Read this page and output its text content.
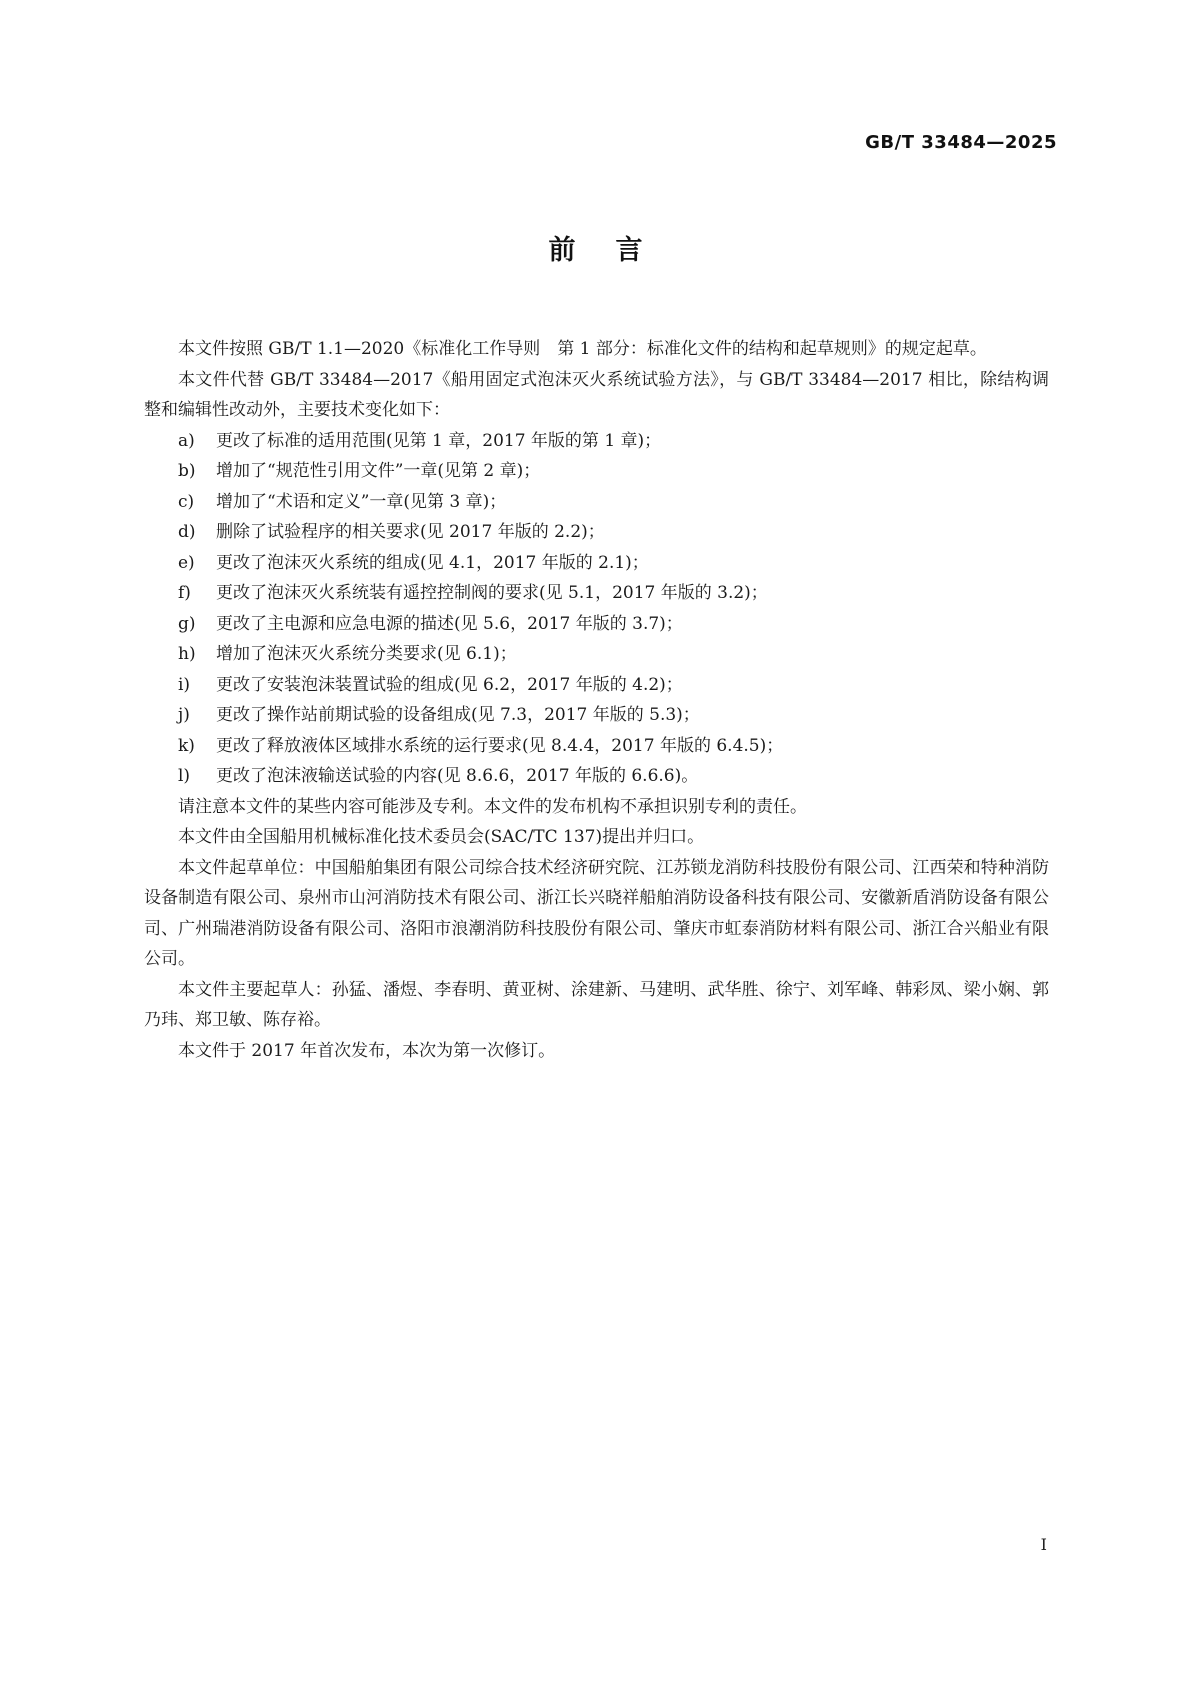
GB/T 33484—2025
前言

本文件按照 GB/T 1.1—2020《标准化工作导则　第 1 部分：标准化文件的结构和起草规则》的规定起草。

本文件代替 GB/T 33484—2017《船用固定式泡沫灭火系统试验方法》，与 GB/T 33484—2017 相比，除结构调整和编辑性改动外，主要技术变化如下：

a)	更改了标准的适用范围(见第 1 章，2017 年版的第 1 章)；
b)	增加了“规范性引用文件”一章(见第 2 章)；
c)	增加了“术语和定义”一章(见第 3 章)；
d)	删除了试验程序的相关要求(见 2017 年版的 2.2)；
e)	更改了泡沫灭火系统的组成(见 4.1，2017 年版的 2.1)；
f)	更改了泡沫灭火系统装有遥控控制阀的要求(见 5.1，2017 年版的 3.2)；
g)	更改了主电源和应急电源的描述(见 5.6，2017 年版的 3.7)；
h)	增加了泡沫灭火系统分类要求(见 6.1)；
i)	更改了安装泡沫装置试验的组成(见 6.2，2017 年版的 4.2)；
j)	更改了操作站前期试验的设备组成(见 7.3，2017 年版的 5.3)；
k)	更改了释放液体区域排水系统的运行要求(见 8.4.4，2017 年版的 6.4.5)；
l)	更改了泡沫液输送试验的内容(见 8.6.6，2017 年版的 6.6.6)。

请注意本文件的某些内容可能涉及专利。本文件的发布机构不承担识别专利的责任。

本文件由全国船用机械标准化技术委员会(SAC/TC 137)提出并归口。

本文件起草单位：中国船舶集团有限公司综合技术经济研究院、江苏锁龙消防科技股份有限公司、江西荣和特种消防设备制造有限公司、泉州市山河消防技术有限公司、浙江长兴晓祥船舶消防设备科技有限公司、安徽新盾消防设备有限公司、广州瑞港消防设备有限公司、洛阳市浪潮消防科技股份有限公司、肇庆市虹泰消防材料有限公司、浙江合兴船业有限公司。

本文件主要起草人：孙猛、潘煜、李春明、黄亚树、涂建新、马建明、武华胜、徐宁、刘军峰、韩彩凤、梁小娴、郭乃玮、郑卫敏、陈存裕。

本文件于 2017 年首次发布，本次为第一次修订。

I
